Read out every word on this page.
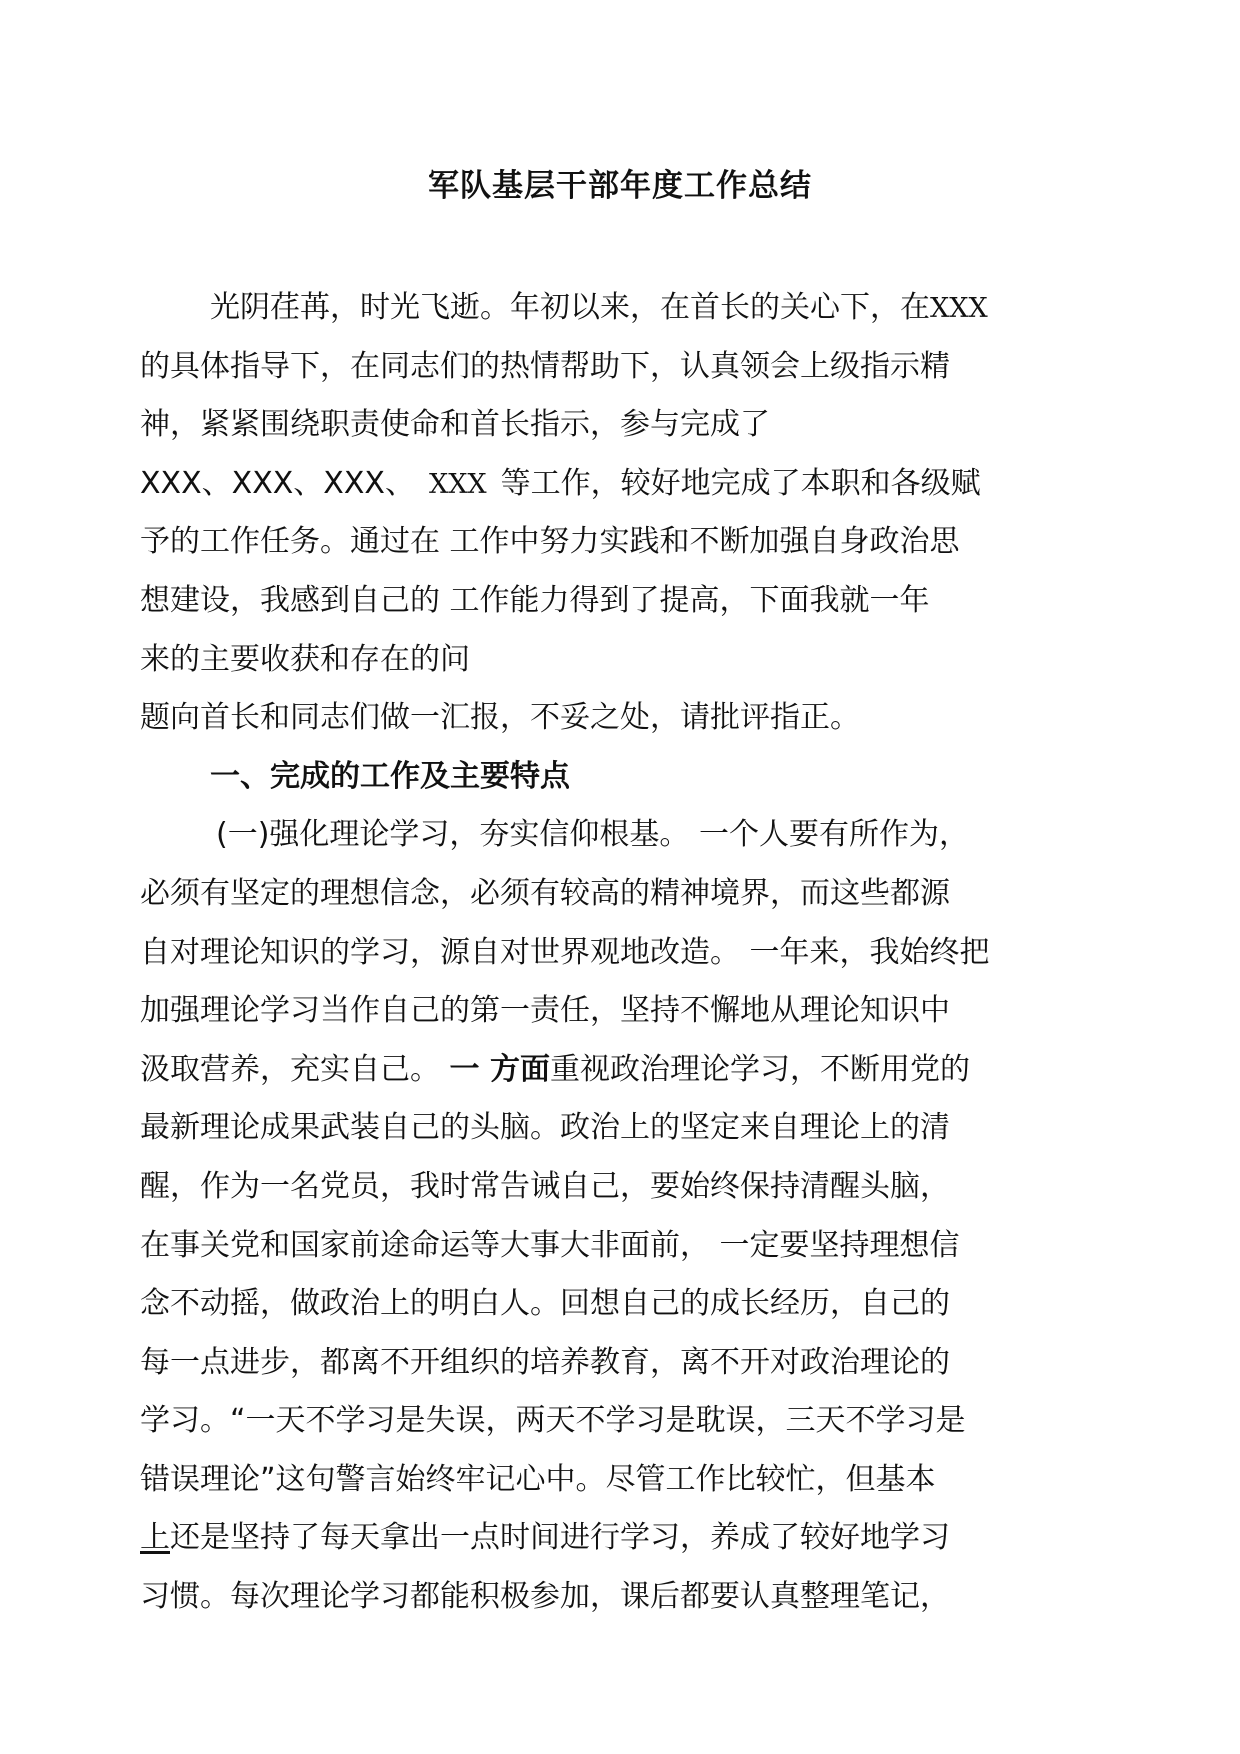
军队基层干部年度工作总结
光阴荏苒，时光飞逝。年初以来，在首长的关心下，在XXX
的具体指导下，在同志们的热情帮助下，认真领会上级指示精
神，紧紧围绕职责使命和首长指示，参与完成了
XXX、XXX、XXX、 XXX 等工作，较好地完成了本职和各级赋
予的工作任务。通过在 工作中努力实践和不断加强自身政治思
想建设，我感到自己的 工作能力得到了提高，下面我就一年
来的主要收获和存在的问
题向首长和同志们做一汇报，不妥之处，请批评指正。
一、完成的工作及主要特点
(一)强化理论学习，夯实信仰根基。 一个人要有所作为，
必须有坚定的理想信念，必须有较高的精神境界，而这些都源
自对理论知识的学习，源自对世界观地改造。 一年来，我始终把
加强理论学习当作自己的第一责任，坚持不懈地从理论知识中
汲取营养，充实自己。 一 方面重视政治理论学习，不断用党的
最新理论成果武装自己的头脑。政治上的坚定来自理论上的清
醒，作为一名党员，我时常告诫自己，要始终保持清醒头脑，
在事关党和国家前途命运等大事大非面前， 一定要坚持理想信
念不动摇，做政治上的明白人。回想自己的成长经历，自己的
每一点进步，都离不开组织的培养教育，离不开对政治理论的
学习。“一天不学习是失误，两天不学习是耽误，三天不学习是
错误理论”这句警言始终牢记心中。尽管工作比较忙，但基本
上还是坚持了每天拿出一点时间进行学习，养成了较好地学习
习惯。每次理论学习都能积极参加，课后都要认真整理笔记，
